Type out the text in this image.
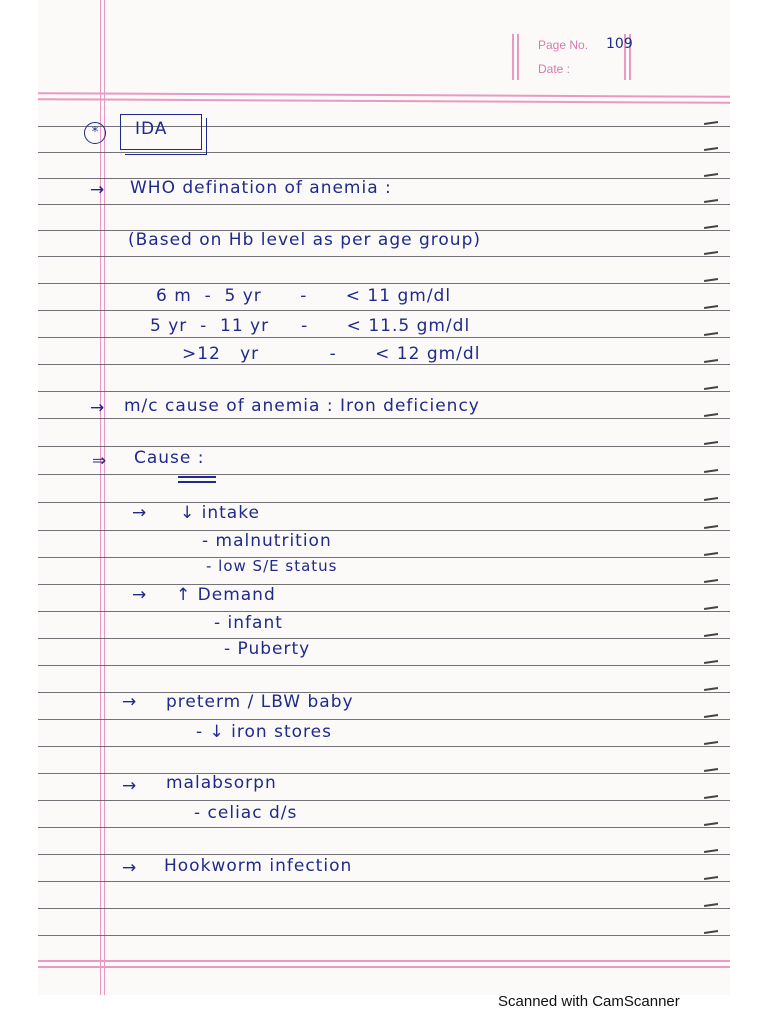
Page No. 109
Date :
*	IDA
→ WHO defination of anemia :
(Based on Hb level as per age group)
6 m  -  5 yr      -      < 11 gm/dl
5 yr  -  11 yr     -      < 11.5 gm/dl
>12   yr           -      < 12 gm/dl
→ m/c cause of anemia : Iron deficiency
⇒ Cause :
→ ↓ intake
- malnutrition
- low S/E status
→ ↑ Demand
- infant
- Puberty
→ preterm / LBW baby
- ↓ iron stores
→ malabsorpn
- celiac d/s
→ Hookworm infection
Scanned with CamScanner
